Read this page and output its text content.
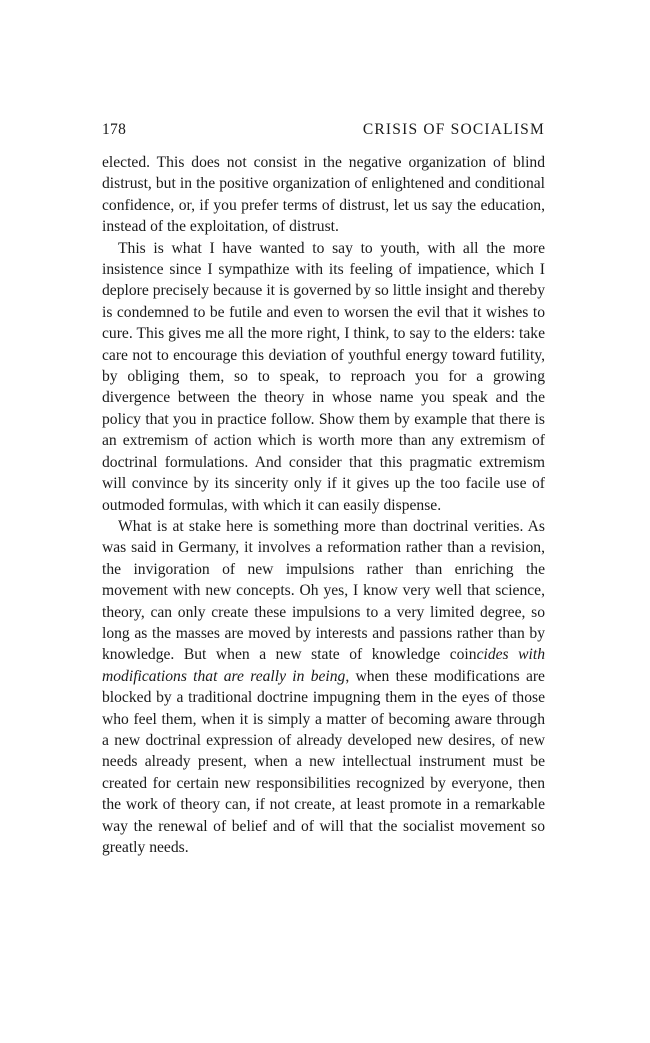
178	CRISIS OF SOCIALISM

elected. This does not consist in the negative organization of blind distrust, but in the positive organization of enlightened and conditional confidence, or, if you prefer terms of distrust, let us say the education, instead of the exploitation, of distrust.

This is what I have wanted to say to youth, with all the more insistence since I sympathize with its feeling of impatience, which I deplore precisely because it is governed by so little insight and thereby is condemned to be futile and even to worsen the evil that it wishes to cure. This gives me all the more right, I think, to say to the elders: take care not to encourage this deviation of youthful energy toward futility, by obliging them, so to speak, to reproach you for a growing divergence between the theory in whose name you speak and the policy that you in practice follow. Show them by example that there is an extremism of action which is worth more than any extremism of doctrinal formulations. And consider that this pragmatic extremism will convince by its sincerity only if it gives up the too facile use of outmoded formulas, with which it can easily dispense.

What is at stake here is something more than doctrinal verities. As was said in Germany, it involves a reformation rather than a revision, the invigoration of new impulsions rather than enriching the movement with new concepts. Oh yes, I know very well that science, theory, can only create these impulsions to a very limited degree, so long as the masses are moved by interests and passions rather than by knowledge. But when a new state of knowledge coincides with modifications that are really in being, when these modifications are blocked by a traditional doctrine impugning them in the eyes of those who feel them, when it is simply a matter of becoming aware through a new doctrinal expression of already developed new desires, of new needs already present, when a new intellectual instrument must be created for certain new responsibilities recognized by everyone, then the work of theory can, if not create, at least promote in a remarkable way the renewal of belief and of will that the socialist movement so greatly needs.
